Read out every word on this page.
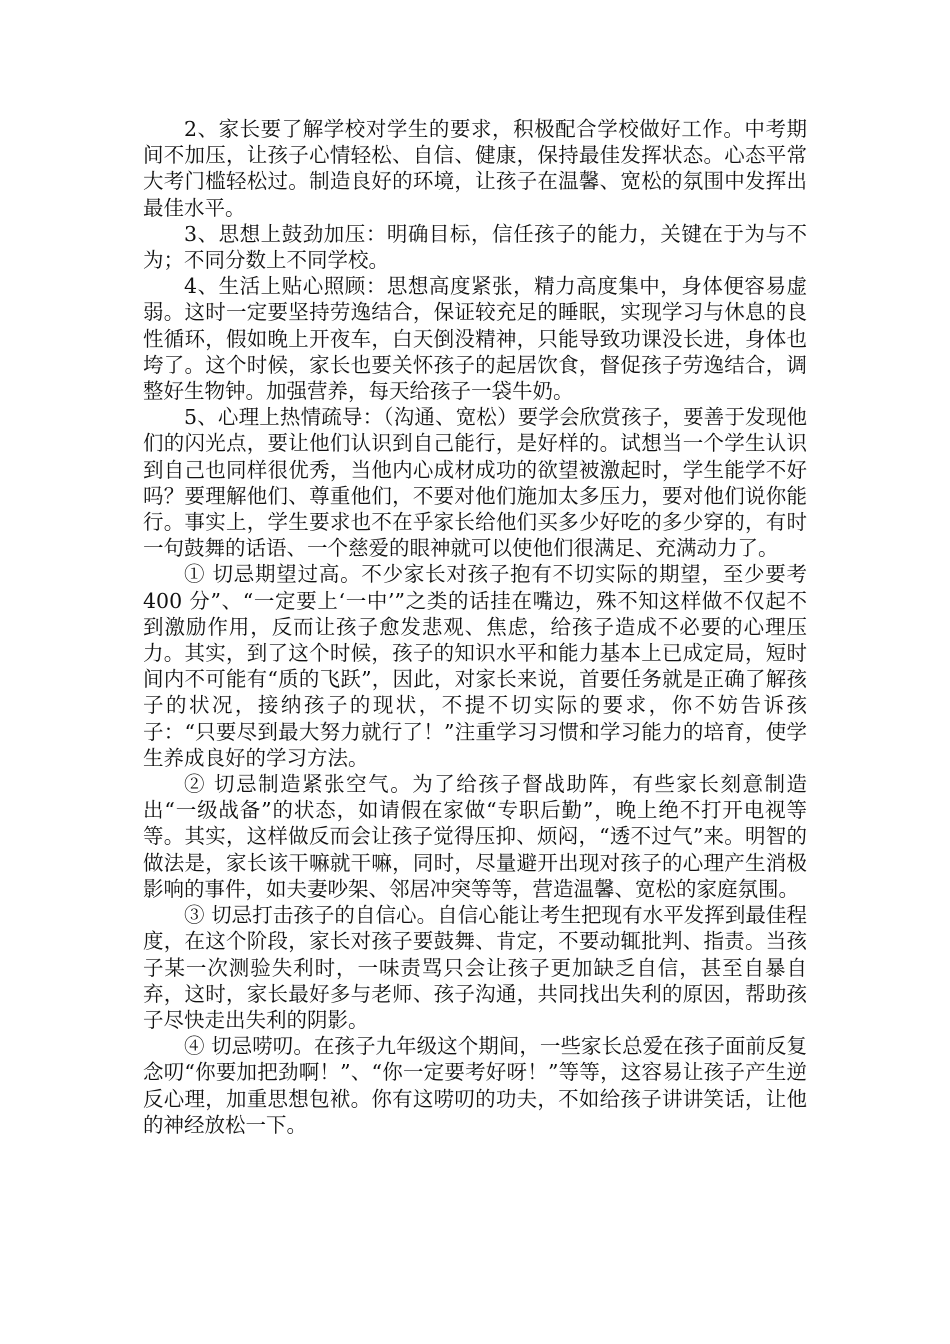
2、家长要了解学校对学生的要求，积极配合学校做好工作。中考期间不加压，让孩子心情轻松、自信、健康，保持最佳发挥状态。心态平常大考门槛轻松过。制造良好的环境，让孩子在温馨、宽松的氛围中发挥出最佳水平。

3、思想上鼓劲加压：明确目标，信任孩子的能力，关键在于为与不为；不同分数上不同学校。

4、生活上贴心照顾：思想高度紧张，精力高度集中，身体便容易虚弱。这时一定要坚持劳逸结合，保证较充足的睡眠，实现学习与休息的良性循环，假如晚上开夜车，白天倒没精神，只能导致功课没长进，身体也垮了。这个时候，家长也要关怀孩子的起居饮食，督促孩子劳逸结合，调整好生物钟。加强营养，每天给孩子一袋牛奶。

5、心理上热情疏导：（沟通、宽松）要学会欣赏孩子，要善于发现他们的闪光点，要让他们认识到自己能行，是好样的。试想当一个学生认识到自己也同样很优秀，当他内心成材成功的欲望被激起时，学生能学不好吗？要理解他们、尊重他们，不要对他们施加太多压力，要对他们说你能行。事实上，学生要求也不在乎家长给他们买多少好吃的多少穿的，有时一句鼓舞的话语、一个慈爱的眼神就可以使他们很满足、充满动力了。

① 切忌期望过高。不少家长对孩子抱有不切实际的期望，至少要考 400 分”、“一定要上‘一中’”之类的话挂在嘴边，殊不知这样做不仅起不到激励作用，反而让孩子愈发悲观、焦虑，给孩子造成不必要的心理压力。其实，到了这个时候，孩子的知识水平和能力基本上已成定局，短时间内不可能有“质的飞跃”，因此，对家长来说，首要任务就是正确了解孩子的状况，接纳孩子的现状，不提不切实际的要求，你不妨告诉孩子：“只要尽到最大努力就行了！”注重学习习惯和学习能力的培育，使学生养成良好的学习方法。

② 切忌制造紧张空气。为了给孩子督战助阵，有些家长刻意制造出“一级战备”的状态，如请假在家做“专职后勤”，晚上绝不打开电视等等。其实，这样做反而会让孩子觉得压抑、烦闷，“透不过气”来。明智的做法是，家长该干嘛就干嘛，同时，尽量避开出现对孩子的心理产生消极影响的事件，如夫妻吵架、邻居冲突等等，营造温馨、宽松的家庭氛围。

③ 切忌打击孩子的自信心。自信心能让考生把现有水平发挥到最佳程度，在这个阶段，家长对孩子要鼓舞、肯定，不要动辄批判、指责。当孩子某一次测验失利时，一味责骂只会让孩子更加缺乏自信，甚至自暴自弃，这时，家长最好多与老师、孩子沟通，共同找出失利的原因，帮助孩子尽快走出失利的阴影。

④ 切忌唠叨。在孩子九年级这个期间，一些家长总爱在孩子面前反复念叨“你要加把劲啊！”、“你一定要考好呀！”等等，这容易让孩子产生逆反心理，加重思想包袱。你有这唠叨的功夫，不如给孩子讲讲笑话，让他的神经放松一下。
